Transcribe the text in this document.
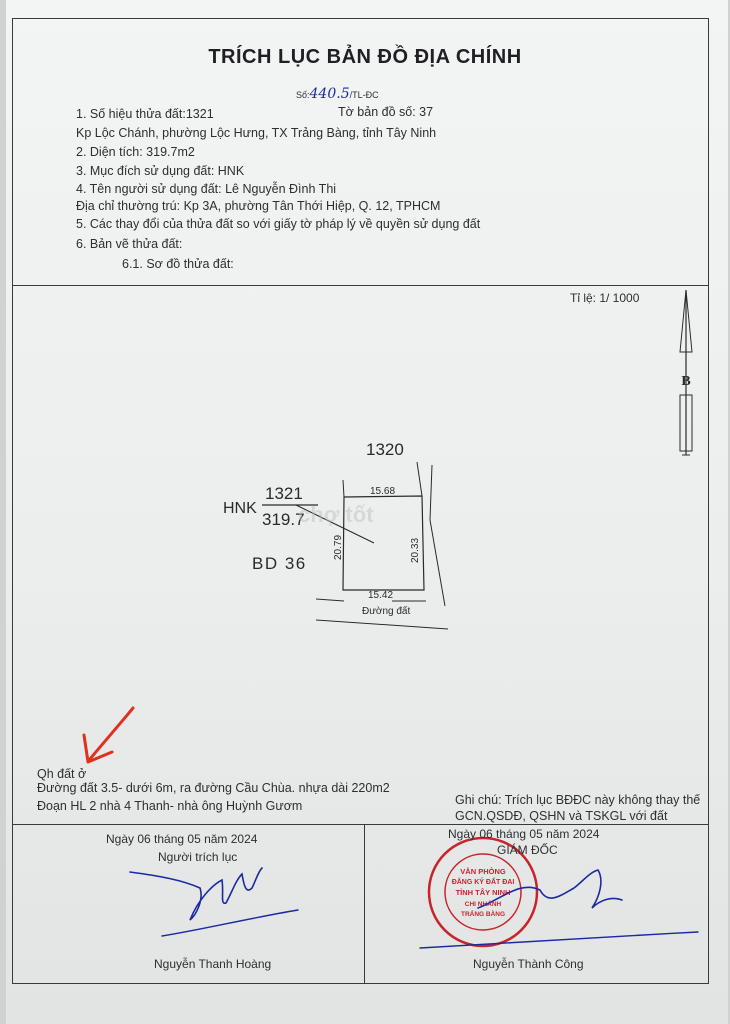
TRÍCH LỤC BẢN ĐỒ ĐỊA CHÍNH
Số:440.5/TL-ĐC
1. Số hiệu thửa đất:1321	Tờ bản đồ số: 37
Kp Lộc Chánh, phường Lộc Hưng, TX Trảng Bàng, tỉnh Tây Ninh
2. Diện tích: 319.7m2
3. Mục đích sử dụng đất: HNK
4. Tên người sử dụng đất: Lê Nguyễn Đình Thi
Địa chỉ thường trú: Kp 3A, phường Tân Thới Hiệp, Q. 12, TPHCM
5. Các thay đổi của thửa đất so với giấy tờ pháp lý về quyền sử dụng đất
6. Bản vẽ thửa đất:
6.1. Sơ đồ thửa đất:
Tỉ lệ: 1/ 1000
B
1320
HNK
1321
319.7
BD 36
15.68
15.42
20.79	20.33
Đường đất
chợ tốt
VĂN PHÒNG
ĐĂNG KÝ ĐẤT ĐAI
TỈNH TÂY NINH
CHI NHÁNH
TRẢNG BÀNG
Qh đất ở
Đường đất 3.5- dưới 6m, ra đường Cầu Chùa. nhựa dài 220m2
Đoạn HL 2 nhà 4 Thanh- nhà ông Huỳnh Gươm	Ghi chú: Trích lục BĐĐC này không thay thế
GCN.QSDĐ, QSHN và TSKGL với đất
Ngày 06 tháng 05 năm 2024
Người trích lục
Nguyễn Thanh Hoàng
Ngày 06 tháng 05 năm 2024
GIÁM ĐỐC
Nguyễn Thành Công
